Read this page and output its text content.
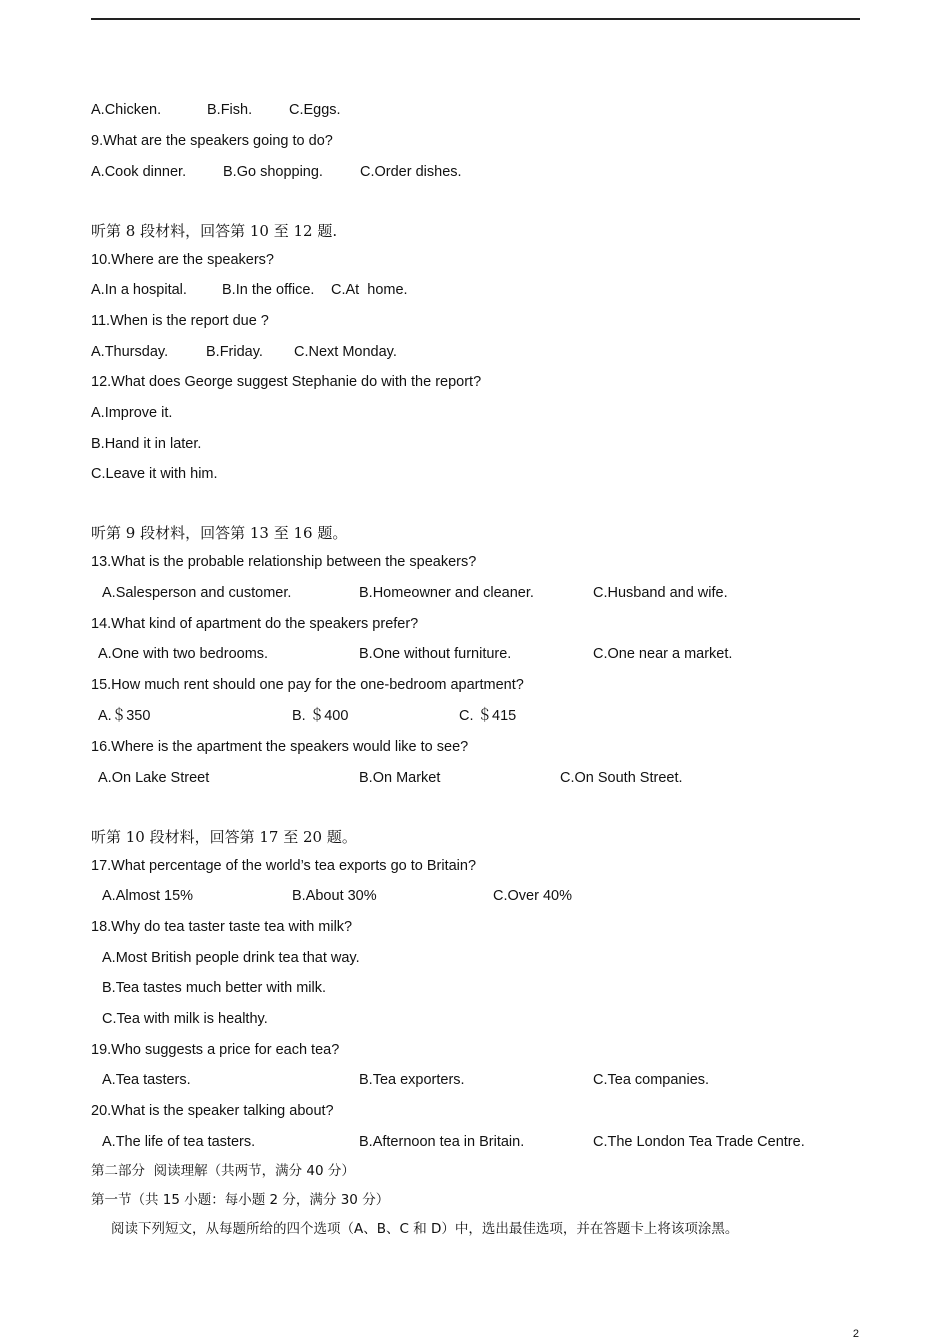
A.Chicken.	B.Fish.	C.Eggs.
9.What are the speakers going to do?
A.Cook dinner.	B.Go shopping.	C.Order dishes.
听第 8 段材料，回答第 10 至 12 题.
10.Where are the speakers?
A.In a hospital. B.In the office. C.At  home.
11.When is the report due ?
A.Thursday.	B.Friday. C.Next Monday.
12.What does George suggest Stephanie do with the report?
A.Improve it.
B.Hand it in later.
C.Leave it with him.
听第 9 段材料，回答第 13 至 16 题。
13.What is the probable relationship between the speakers?
A.Salesperson and customer.	B.Homeowner and cleaner.	C.Husband and wife.
14.What kind of apartment do the speakers prefer?
A.One with two bedrooms.	B.One without furniture.	C.One near a market.
15.How much rent should one pay for the one-bedroom apartment?
A.＄350	B. ＄400	C. ＄415
16.Where is the apartment the speakers would like to see?
A.On Lake Street	B.On Market	C.On South Street.
听第 10 段材料，回答第 17 至 20 题。
17.What percentage of the world’s tea exports go to Britain?
A.Almost 15%	B.About 30%	C.Over 40%
18.Why do tea taster taste tea with milk?
A.Most British people drink tea that way.
B.Tea tastes much better with milk.
C.Tea with milk is healthy.
19.Who suggests a price for each tea?
A.Tea tasters.	B.Tea exporters.	C.Tea companies.
20.What is the speaker talking about?
A.The life of tea tasters.	B.Afternoon tea in Britain.	C.The London Tea Trade Centre.
第二部分  阅读理解（共两节，满分 40 分）
第一节（共 15 小题：每小题 2 分，满分 30 分）
阅读下列短文，从每题所给的四个选项（A、B、C 和 D）中，选出最佳选项，并在答题卡上将该项涂黑。
2
